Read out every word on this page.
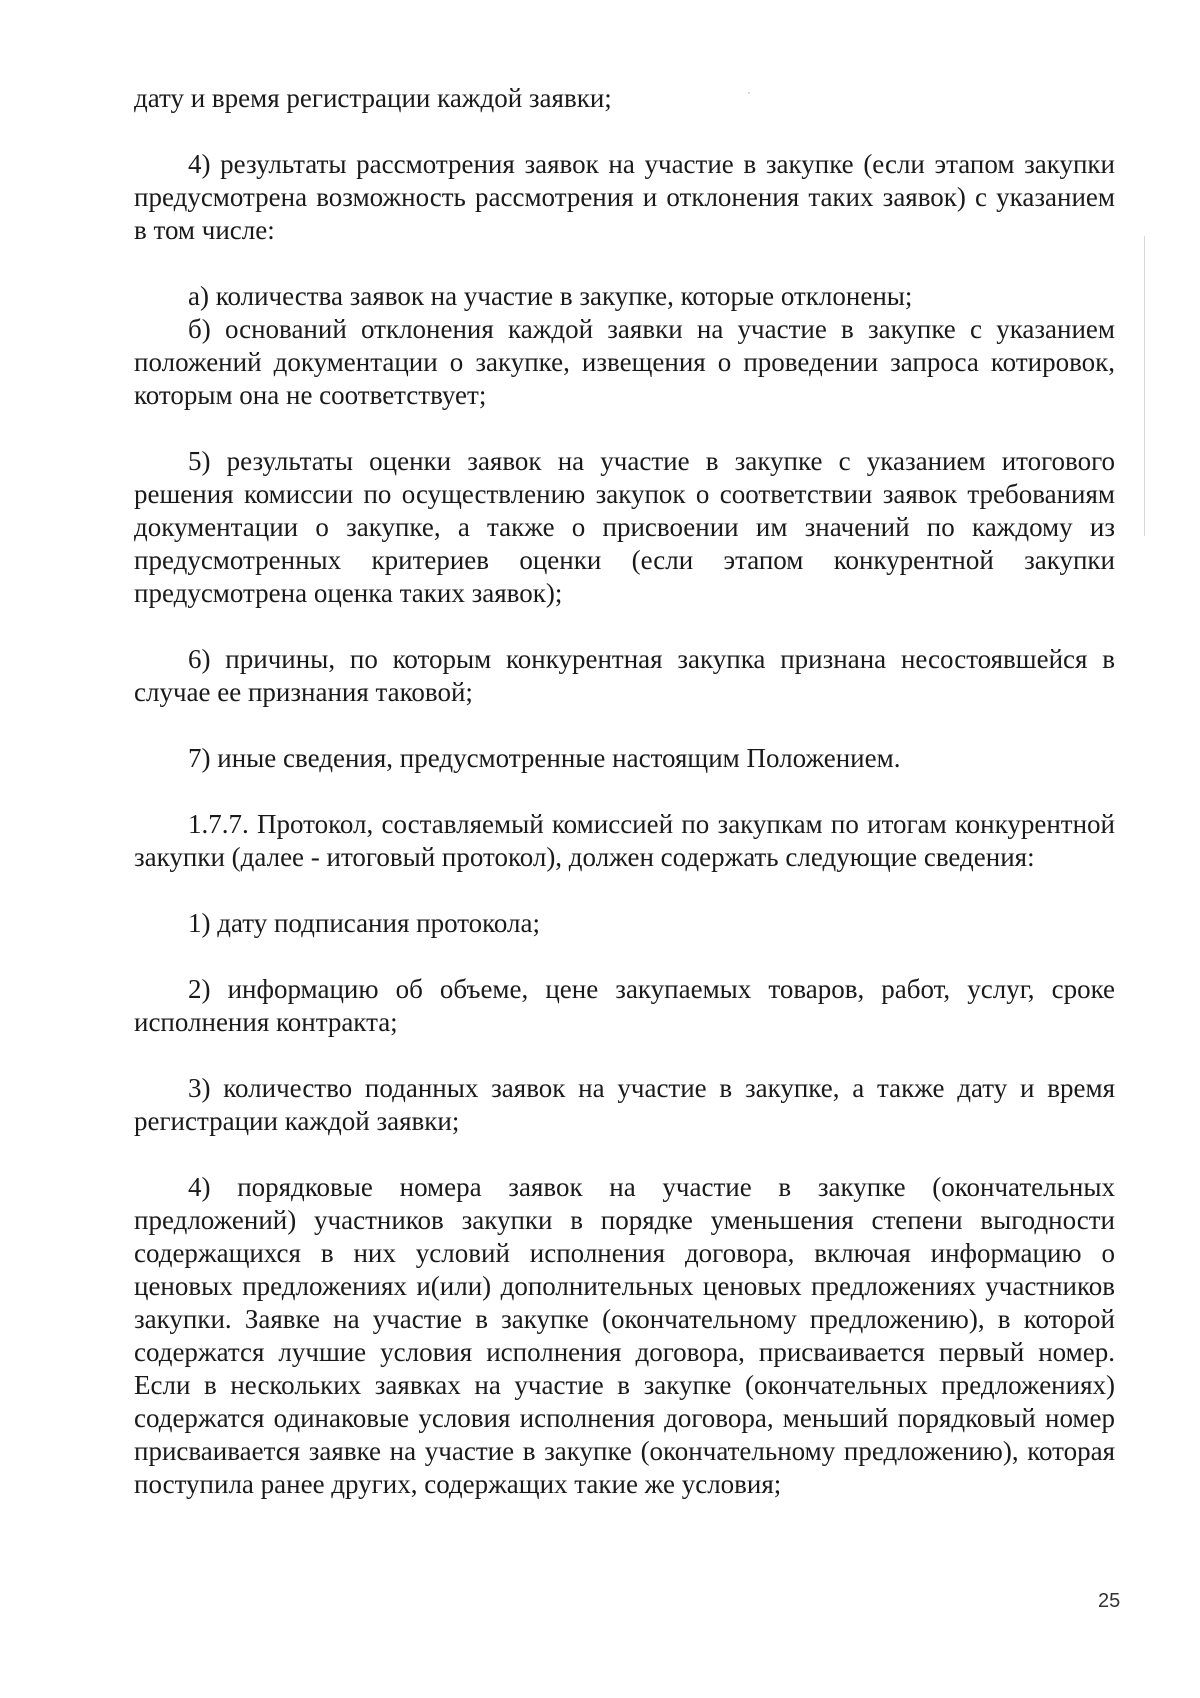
дату и время регистрации каждой заявки;

4) результаты рассмотрения заявок на участие в закупке (если этапом закупки предусмотрена возможность рассмотрения и отклонения таких заявок) с указанием в том числе:

а) количества заявок на участие в закупке, которые отклонены;

б) оснований отклонения каждой заявки на участие в закупке с указанием положений документации о закупке, извещения о проведении запроса котировок, которым она не соответствует;

5) результаты оценки заявок на участие в закупке с указанием итогового решения комиссии по осуществлению закупок о соответствии заявок требованиям документации о закупке, а также о присвоении им значений по каждому из предусмотренных критериев оценки (если этапом конкурентной закупки предусмотрена оценка таких заявок);

6) причины, по которым конкурентная закупка признана несостоявшейся в случае ее признания таковой;

7) иные сведения, предусмотренные настоящим Положением.

1.7.7. Протокол, составляемый комиссией по закупкам по итогам конкурентной закупки (далее - итоговый протокол), должен содержать следующие сведения:

1) дату подписания протокола;

2) информацию об объеме, цене закупаемых товаров, работ, услуг, сроке исполнения контракта;

3) количество поданных заявок на участие в закупке, а также дату и время регистрации каждой заявки;

4) порядковые номера заявок на участие в закупке (окончательных предложений) участников закупки в порядке уменьшения степени выгодности содержащихся в них условий исполнения договора, включая информацию о ценовых предложениях и(или) дополнительных ценовых предложениях участников закупки. Заявке на участие в закупке (окончательному предложению), в которой содержатся лучшие условия исполнения договора, присваивается первый номер. Если в нескольких заявках на участие в закупке (окончательных предложениях) содержатся одинаковые условия исполнения договора, меньший порядковый номер присваивается заявке на участие в закупке (окончательному предложению), которая поступила ранее других, содержащих такие же условия;

25
